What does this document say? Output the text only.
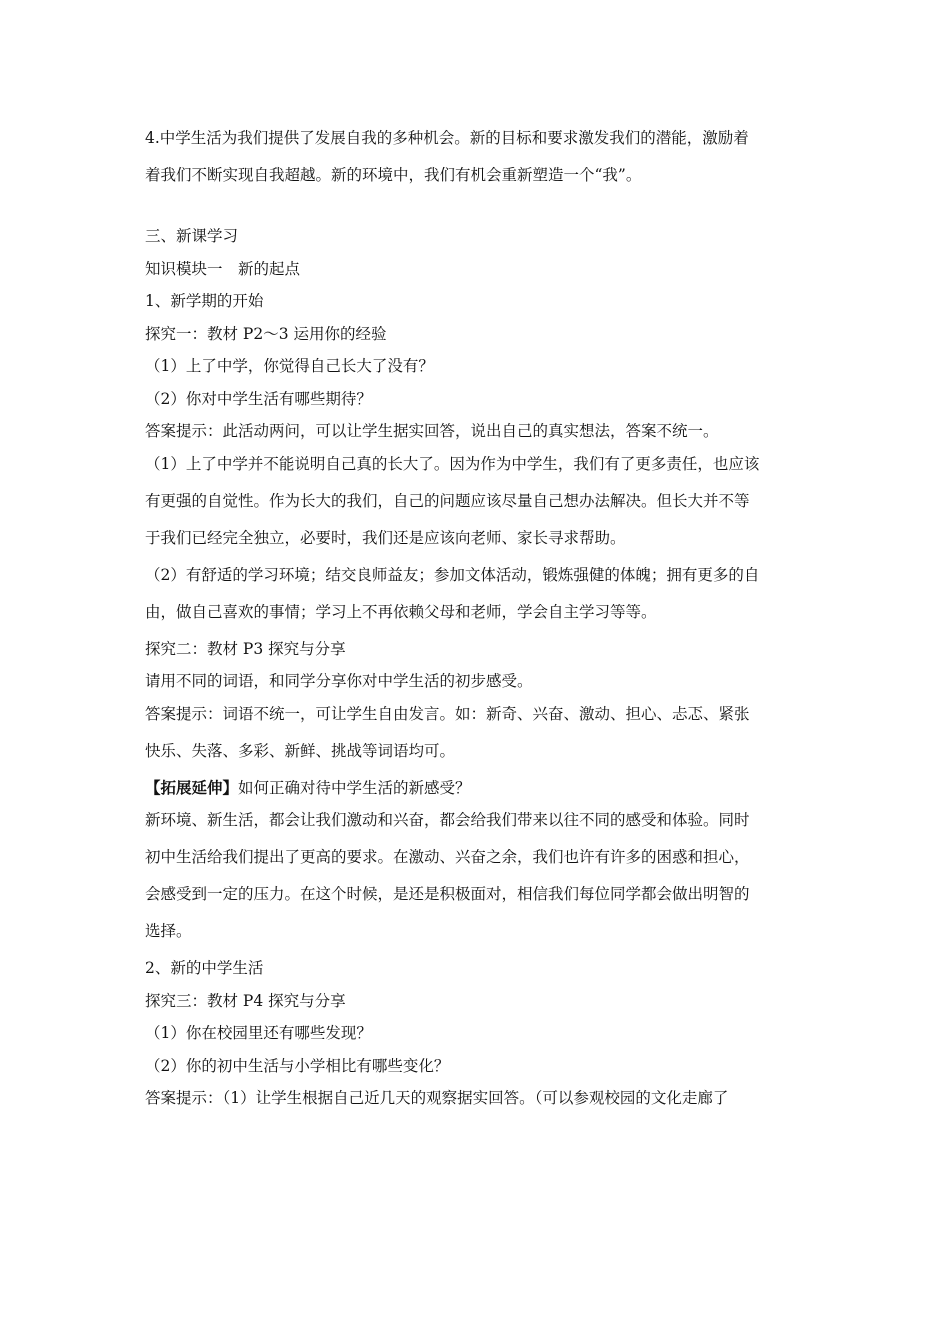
4.中学生活为我们提供了发展自我的多种机会。新的目标和要求激发我们的潜能，激励着
着我们不断实现自我超越。新的环境中，我们有机会重新塑造一个“我”。
三、新课学习
知识模块一　新的起点
1、新学期的开始
探究一：教材 P2～3 运用你的经验
（1）上了中学，你觉得自己长大了没有？
（2）你对中学生活有哪些期待？
答案提示：此活动两问，可以让学生据实回答，说出自己的真实想法，答案不统一。
（1）上了中学并不能说明自己真的长大了。因为作为中学生，我们有了更多责任，也应该
有更强的自觉性。作为长大的我们，自己的问题应该尽量自己想办法解决。但长大并不等
于我们已经完全独立，必要时，我们还是应该向老师、家长寻求帮助。
（2）有舒适的学习环境；结交良师益友；参加文体活动，锻炼强健的体魄；拥有更多的自
由，做自己喜欢的事情；学习上不再依赖父母和老师，学会自主学习等等。
探究二：教材 P3 探究与分享
请用不同的词语，和同学分享你对中学生活的初步感受。
答案提示：词语不统一，可让学生自由发言。如：新奇、兴奋、激动、担心、忐忑、紧张
快乐、失落、多彩、新鲜、挑战等词语均可。
【拓展延伸】如何正确对待中学生活的新感受？
新环境、新生活，都会让我们激动和兴奋，都会给我们带来以往不同的感受和体验。同时
初中生活给我们提出了更高的要求。在激动、兴奋之余，我们也许有许多的困惑和担心，
会感受到一定的压力。在这个时候，是还是积极面对，相信我们每位同学都会做出明智的
选择。
2、新的中学生活
探究三：教材 P4 探究与分享
（1）你在校园里还有哪些发现？
（2）你的初中生活与小学相比有哪些变化？
答案提示：（1）让学生根据自己近几天的观察据实回答。（可以参观校园的文化走廊了
